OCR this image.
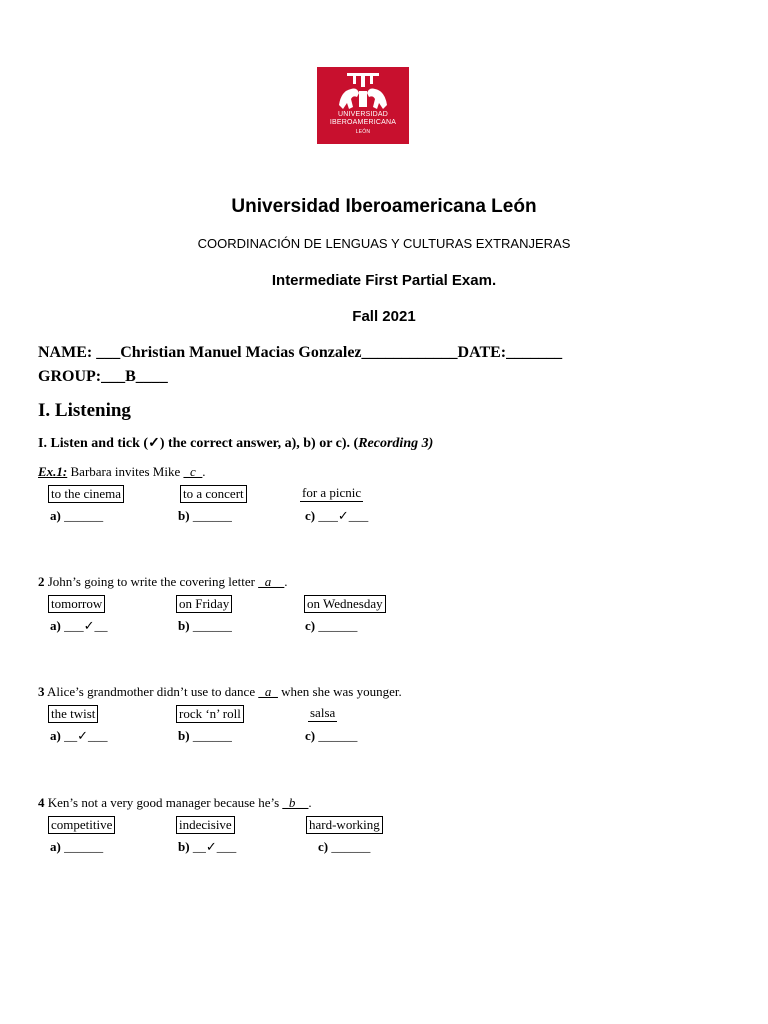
UNIVERSIDAD
IBEROAMERICANA
LEÓN
Universidad Iberoamericana León
COORDINACIÓN DE LENGUAS Y CULTURAS EXTRANJERAS
Intermediate First Partial Exam.
Fall 2021
NAME: ___Christian Manuel Macias Gonzalez____________DATE:_______
GROUP:___B____
I. Listening
I. Listen and tick (✓) the correct answer, a), b) or c). (Recording 3)
Ex.1: Barbara invites Mike _c_.
to the cinema	to a concert	for a picnic
a) ______	b) ______	c) ___✓___
2 John’s going to write the covering letter _a__.
tomorrow	on Friday	on Wednesday
a) ___✓__	b) ______	c) ______
3 Alice’s grandmother didn’t use to dance _a_ when she was younger.
the twist	rock ‘n’ roll	salsa
a) __✓___	b) ______	c) ______
4 Ken’s not a very good manager because he’s _b__.
competitive	indecisive	hard-working
a) ______	b) __✓___	c) ______
